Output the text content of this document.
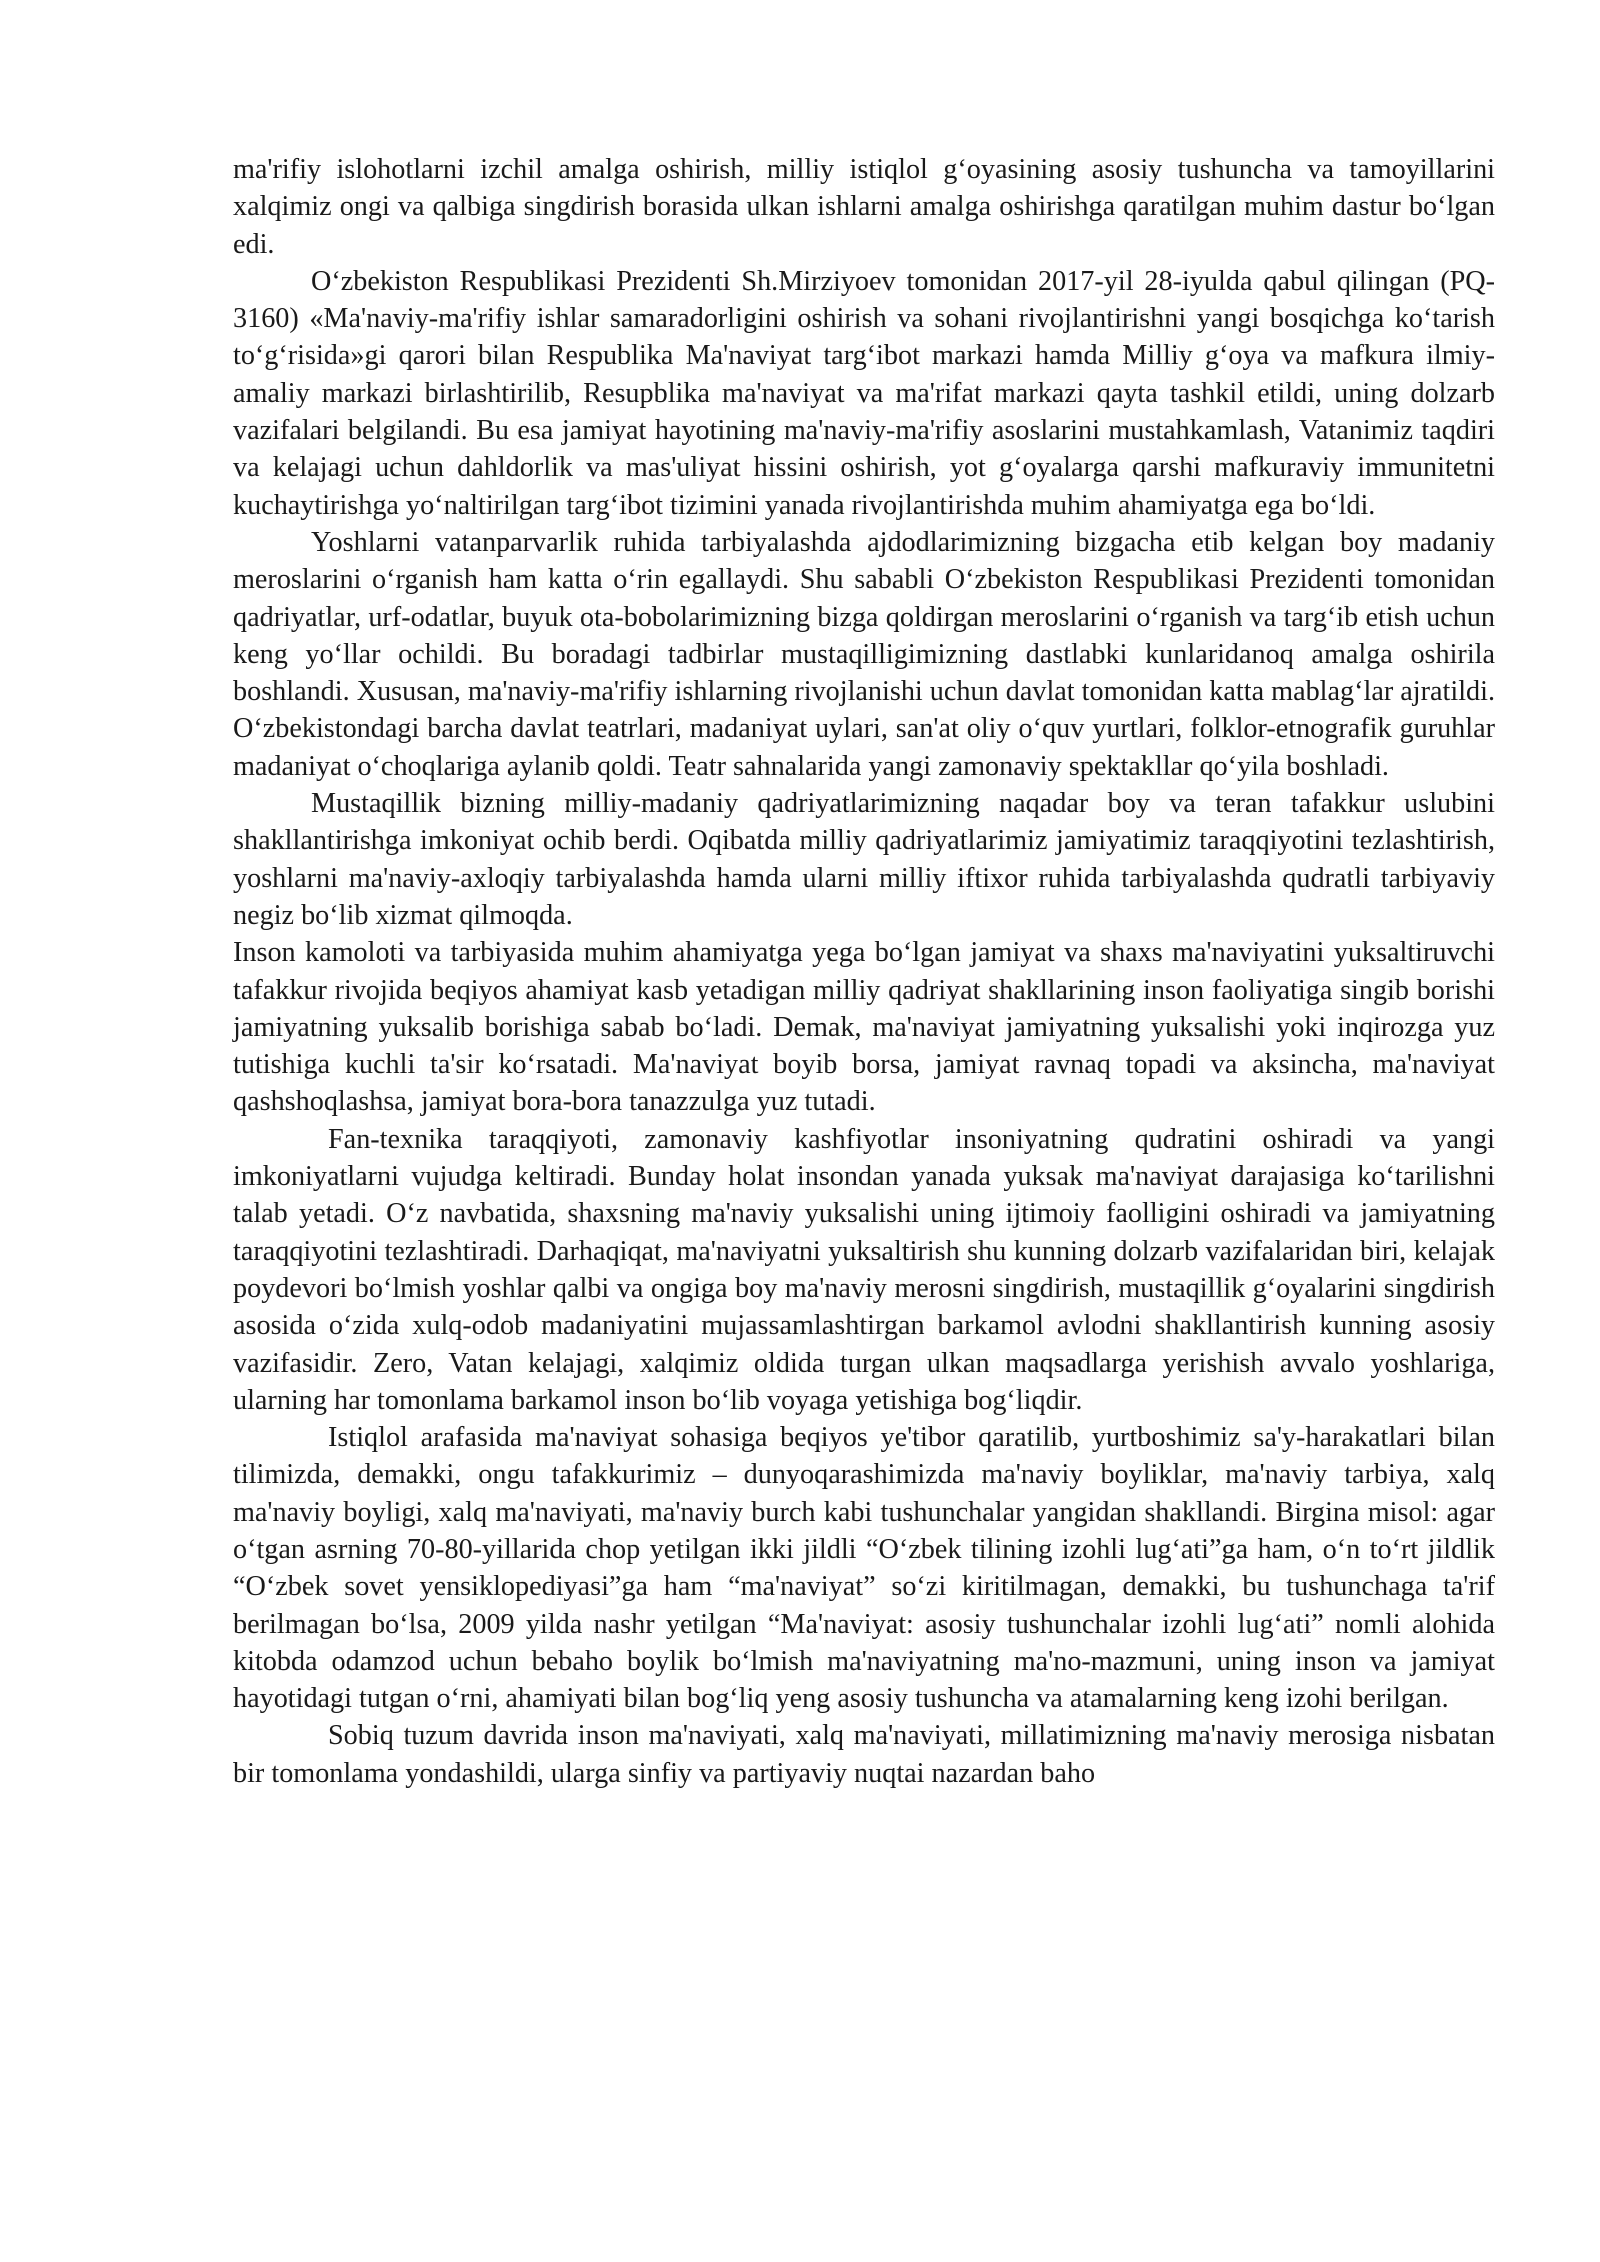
ma'rifiy islohotlarni izchil amalga oshirish, milliy istiqlol g‘oyasining asosiy tushuncha va tamoyillarini xalqimiz ongi va qalbiga singdirish borasida ulkan ishlarni amalga oshirishga qaratilgan muhim dastur bo‘lgan edi.

O‘zbekiston Respublikasi Prezidenti Sh.Mirziyoev tomonidan 2017-yil 28-iyulda qabul qilingan (PQ-3160) «Ma'naviy-ma'rifiy ishlar samaradorligini oshirish va sohani rivojlantirishni yangi bosqichga ko‘tarish to‘g‘risida»gi qarori bilan Respublika Ma'naviyat targ‘ibot markazi hamda Milliy g‘oya va mafkura ilmiy-amaliy markazi birlashtirilib, Resupblika ma'naviyat va ma'rifat markazi qayta tashkil etildi, uning dolzarb vazifalari belgilandi. Bu esa jamiyat hayotining ma'naviy-ma'rifiy asoslarini mustahkamlash, Vatanimiz taqdiri va kelajagi uchun dahldorlik va mas'uliyat hissini oshirish, yot g‘oyalarga qarshi mafkuraviy immunitetni kuchaytirishga yo‘naltirilgan targ‘ibot tizimini yanada rivojlantirishda muhim ahamiyatga ega bo‘ldi.

Yoshlarni vatanparvarlik ruhida tarbiyalashda ajdodlarimizning bizgacha etib kelgan boy madaniy meroslarini o‘rganish ham katta o‘rin egallaydi. Shu sababli O‘zbekiston Respublikasi Prezidenti tomonidan qadriyatlar, urf-odatlar, buyuk ota-bobolarimizning bizga qoldirgan meroslarini o‘rganish va targ‘ib etish uchun keng yo‘llar ochildi. Bu boradagi tadbirlar mustaqilligimizning dastlabki kunlaridanoq amalga oshirila boshlandi. Xususan, ma'naviy-ma'rifiy ishlarning rivojlanishi uchun davlat tomonidan katta mablag‘lar ajratildi. O‘zbekistondagi barcha davlat teatrlari, madaniyat uylari, san'at oliy o‘quv yurtlari, folklor-etnografik guruhlar madaniyat o‘choqlariga aylanib qoldi. Teatr sahnalarida yangi zamonaviy spektakllar qo‘yila boshladi.

Mustaqillik bizning milliy-madaniy qadriyatlarimizning naqadar boy va teran tafakkur uslubini shakllantirishga imkoniyat ochib berdi. Oqibatda milliy qadriyatlarimiz jamiyatimiz taraqqiyotini tezlashtirish, yoshlarni ma'naviy-axloqiy tarbiyalashda hamda ularni milliy iftixor ruhida tarbiyalashda qudratli tarbiyaviy negiz bo‘lib xizmat qilmoqda.

Inson kamoloti va tarbiyasida muhim ahamiyatga yega bo‘lgan jamiyat va shaxs ma'naviyatini yuksaltiruvchi tafakkur rivojida beqiyos ahamiyat kasb yetadigan milliy qadriyat shakllarining inson faoliyatiga singib borishi jamiyatning yuksalib borishiga sabab bo‘ladi. Demak, ma'naviyat jamiyatning yuksalishi yoki inqirozga yuz tutishiga kuchli ta'sir ko‘rsatadi. Ma'naviyat boyib borsa, jamiyat ravnaq topadi va aksincha, ma'naviyat qashshoqlashsa, jamiyat bora-bora tanazzulga yuz tutadi.

Fan-texnika taraqqiyoti, zamonaviy kashfiyotlar insoniyatning qudratini oshiradi va yangi imkoniyatlarni vujudga keltiradi. Bunday holat insondan yanada yuksak ma'naviyat darajasiga ko‘tarilishni talab yetadi. O‘z navbatida, shaxsning ma'naviy yuksalishi uning ijtimoiy faolligini oshiradi va jamiyatning taraqqiyotini tezlashtiradi. Darhaqiqat, ma'naviyatni yuksaltirish shu kunning dolzarb vazifalaridan biri, kelajak poydevori bo‘lmish yoshlar qalbi va ongiga boy ma'naviy merosni singdirish, mustaqillik g‘oyalarini singdirish asosida o‘zida xulq-odob madaniyatini mujassamlashtirgan barkamol avlodni shakllantirish kunning asosiy vazifasidir. Zero, Vatan kelajagi, xalqimiz oldida turgan ulkan maqsadlarga yerishish avvalo yoshlariga, ularning har tomonlama barkamol inson bo‘lib voyaga yetishiga bog‘liqdir.

Istiqlol arafasida ma'naviyat sohasiga beqiyos ye'tibor qaratilib, yurtboshimiz sa'y-harakatlari bilan tilimizda, demakki, ongu tafakkurimiz – dunyoqarashimizda ma'naviy boyliklar, ma'naviy tarbiya, xalq ma'naviy boyligi, xalq ma'naviyati, ma'naviy burch kabi tushunchalar yangidan shakllandi. Birgina misol: agar o‘tgan asrning 70-80-yillarida chop yetilgan ikki jildli “O‘zbek tilining izohli lug‘ati”ga ham, o‘n to‘rt jildlik “O‘zbek sovet yensiklopediyasi”ga ham “ma'naviyat” so‘zi kiritilmagan, demakki, bu tushunchaga ta'rif berilmagan bo‘lsa, 2009 yilda nashr yetilgan “Ma'naviyat: asosiy tushunchalar izohli lug‘ati” nomli alohida kitobda odamzod uchun bebaho boylik bo‘lmish ma'naviyatning ma'no-mazmuni, uning inson va jamiyat hayotidagi tutgan o‘rni, ahamiyati bilan bog‘liq yeng asosiy tushuncha va atamalarning keng izohi berilgan.

Sobiq tuzum davrida inson ma'naviyati, xalq ma'naviyati, millatimizning ma'naviy merosiga nisbatan bir tomonlama yondashildi, ularga sinfiy va partiyaviy nuqtai nazardan baho
